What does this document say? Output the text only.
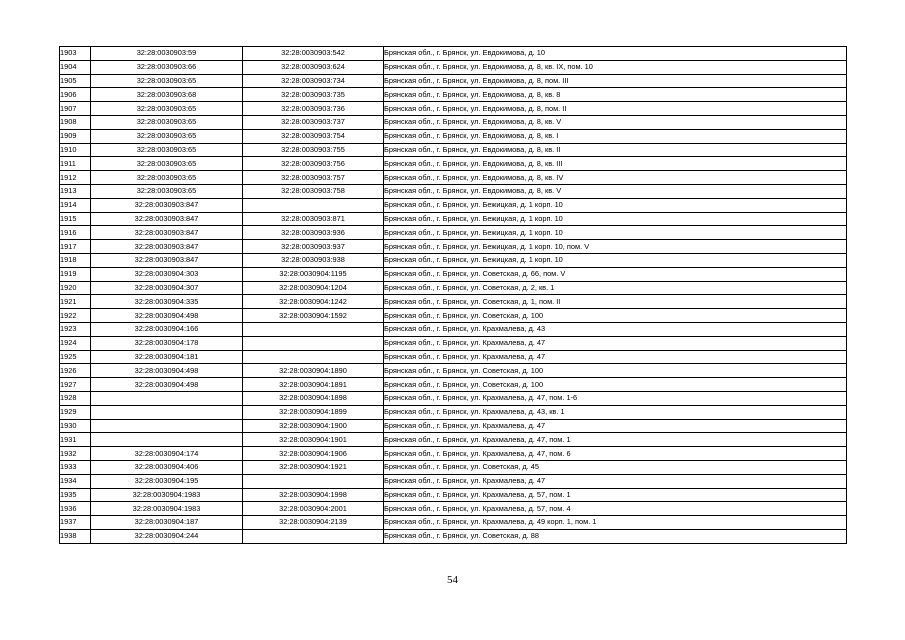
1903	32:28:0030903:59	32:28:0030903:542	Брянская обл., г. Брянск, ул. Евдокимова, д. 10
1904	32:28:0030903:66	32:28:0030903:624	Брянская обл., г. Брянск, ул. Евдокимова, д. 8, кв. IX, пом. 10
1905	32:28:0030903:65	32:28:0030903:734	Брянская обл., г. Брянск, ул. Евдокимова, д. 8, пом. III
1906	32:28:0030903:68	32:28:0030903:735	Брянская обл., г. Брянск, ул. Евдокимова, д. 8, кв. 8
1907	32:28:0030903:65	32:28:0030903:736	Брянская обл., г. Брянск, ул. Евдокимова, д. 8, пом. II
1908	32:28:0030903:65	32:28:0030903:737	Брянская обл., г. Брянск, ул. Евдокимова, д. 8, кв. V
1909	32:28:0030903:65	32:28:0030903:754	Брянская обл., г. Брянск, ул. Евдокимова, д. 8, кв. I
1910	32:28:0030903:65	32:28:0030903:755	Брянская обл., г. Брянск, ул. Евдокимова, д. 8, кв. II
1911	32:28:0030903:65	32:28:0030903:756	Брянская обл., г. Брянск, ул. Евдокимова, д. 8, кв. III
1912	32:28:0030903:65	32:28:0030903:757	Брянская обл., г. Брянск, ул. Евдокимова, д. 8, кв. IV
1913	32:28:0030903:65	32:28:0030903:758	Брянская обл., г. Брянск, ул. Евдокимова, д. 8, кв. V
1914	32:28:0030903:847		Брянская обл., г. Брянск, ул. Бежицкая, д. 1 корп. 10
1915	32:28:0030903:847	32:28:0030903:871	Брянская обл., г. Брянск, ул. Бежицкая, д. 1 корп. 10
1916	32:28:0030903:847	32:28:0030903:936	Брянская обл., г. Брянск, ул. Бежицкая, д. 1 корп. 10
1917	32:28:0030903:847	32:28:0030903:937	Брянская обл., г. Брянск, ул. Бежицкая, д. 1 корп. 10, пом. V
1918	32:28:0030903:847	32:28:0030903:938	Брянская обл., г. Брянск, ул. Бежицкая, д. 1 корп. 10
1919	32:28:0030904:303	32:28:0030904:1195	Брянская обл., г. Брянск, ул. Советская, д. 66, пом. V
1920	32:28:0030904:307	32:28:0030904:1204	Брянская обл., г. Брянск, ул. Советская, д. 2, кв. 1
1921	32:28:0030904:335	32:28:0030904:1242	Брянская обл., г. Брянск, ул. Советская, д. 1, пом. II
1922	32:28:0030904:498	32:28:0030904:1592	Брянская обл., г. Брянск, ул. Советская, д. 100
1923	32:28:0030904:166		Брянская обл., г. Брянск, ул. Крахмалева, д. 43
1924	32:28:0030904:178		Брянская обл., г. Брянск, ул. Крахмалева, д. 47
1925	32:28:0030904:181		Брянская обл., г. Брянск, ул. Крахмалева, д. 47
1926	32:28:0030904:498	32:28:0030904:1890	Брянская обл., г. Брянск, ул. Советская, д. 100
1927	32:28:0030904:498	32:28:0030904:1891	Брянская обл., г. Брянск, ул. Советская, д. 100
1928		32:28:0030904:1898	Брянская обл., г. Брянск, ул. Крахмалева, д. 47, пом. 1-6
1929		32:28:0030904:1899	Брянская обл., г. Брянск, ул. Крахмалева, д. 43, кв. 1
1930		32:28:0030904:1900	Брянская обл., г. Брянск, ул. Крахмалева, д. 47
1931		32:28:0030904:1901	Брянская обл., г. Брянск, ул. Крахмалева, д. 47, пом. 1
1932	32:28:0030904:174	32:28:0030904:1906	Брянская обл., г. Брянск, ул. Крахмалева, д. 47, пом. 6
1933	32:28:0030904:406	32:28:0030904:1921	Брянская обл., г. Брянск, ул. Советская, д. 45
1934	32:28:0030904:195		Брянская обл., г. Брянск, ул. Крахмалева, д. 47
1935	32:28:0030904:1983	32:28:0030904:1998	Брянская обл., г. Брянск, ул. Крахмалева, д. 57, пом. 1
1936	32:28:0030904:1983	32:28:0030904:2001	Брянская обл., г. Брянск, ул. Крахмалева, д. 57, пом. 4
1937	32:28:0030904:187	32:28:0030904:2139	Брянская обл., г. Брянск, ул. Крахмалева, д. 49 корп. 1, пом. 1
1938	32:28:0030904:244		Брянская обл., г. Брянск, ул. Советская, д. 88
54
